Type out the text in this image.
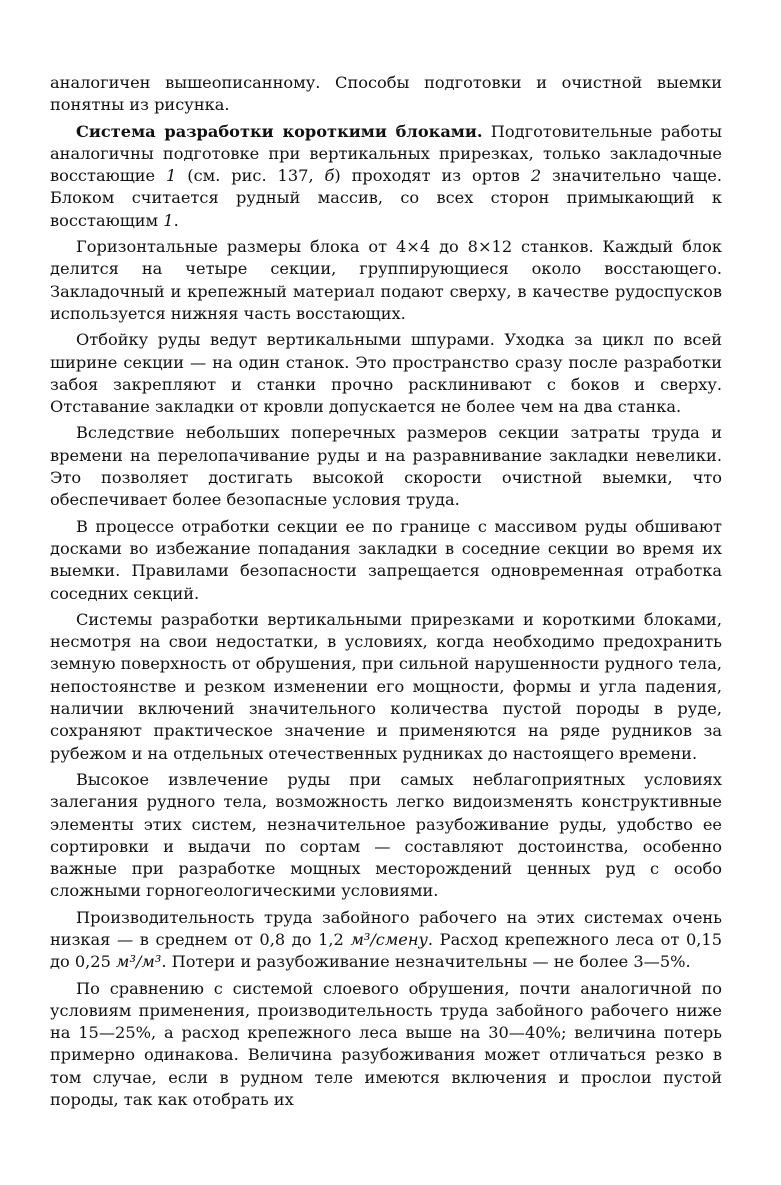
аналогичен вышеописанному. Способы подготовки и очистной выемки понятны из рисунка.

Система разработки короткими блоками. Подготовительные работы аналогичны подготовке при вертикальных прирезках, только закладочные восстающие 1 (см. рис. 137, б) проходят из ортов 2 значительно чаще. Блоком считается рудный массив, со всех сторон примыкающий к восстающим 1.

Горизонтальные размеры блока от 4×4 до 8×12 станков. Каждый блок делится на четыре секции, группирующиеся около восстающего. Закладочный и крепежный материал подают сверху, в качестве рудоспусков используется нижняя часть восстающих.

Отбойку руды ведут вертикальными шпурами. Уходка за цикл по всей ширине секции — на один станок. Это пространство сразу после разработки забоя закрепляют и станки прочно расклинивают с боков и сверху. Отставание закладки от кровли допускается не более чем на два станка.

Вследствие небольших поперечных размеров секции затраты труда и времени на перелопачивание руды и на разравнивание закладки невелики. Это позволяет достигать высокой скорости очистной выемки, что обеспечивает более безопасные условия труда.

В процессе отработки секции ее по границе с массивом руды обшивают досками во избежание попадания закладки в соседние секции во время их выемки. Правилами безопасности запрещается одновременная отработка соседних секций.

Системы разработки вертикальными прирезками и короткими блоками, несмотря на свои недостатки, в условиях, когда необходимо предохранить земную поверхность от обрушения, при сильной нарушенности рудного тела, непостоянстве и резком изменении его мощности, формы и угла падения, наличии включений значительного количества пустой породы в руде, сохраняют практическое значение и применяются на ряде рудников за рубежом и на отдельных отечественных рудниках до настоящего времени.

Высокое извлечение руды при самых неблагоприятных условиях залегания рудного тела, возможность легко видоизменять конструктивные элементы этих систем, незначительное разубоживание руды, удобство ее сортировки и выдачи по сортам — составляют достоинства, особенно важные при разработке мощных месторождений ценных руд с особо сложными горногеологическими условиями.

Производительность труда забойного рабочего на этих системах очень низкая — в среднем от 0,8 до 1,2 м³/смену. Расход крепежного леса от 0,15 до 0,25 м³/м³. Потери и разубоживание незначительны — не более 3—5%.

По сравнению с системой слоевого обрушения, почти аналогичной по условиям применения, производительность труда забойного рабочего ниже на 15—25%, а расход крепежного леса выше на 30—40%; величина потерь примерно одинакова. Величина разубоживания может отличаться резко в том случае, если в рудном теле имеются включения и прослои пустой породы, так как отобрать их
